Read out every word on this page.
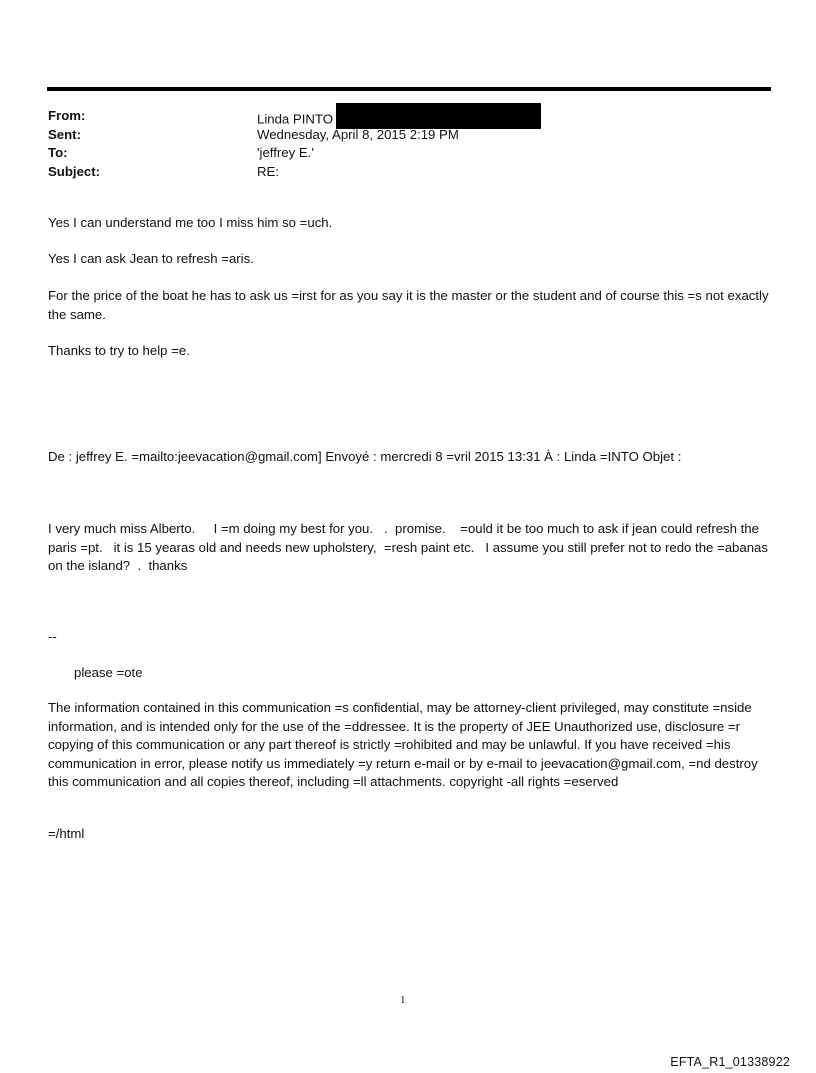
From:	Linda PINTO
Sent:	Wednesday, April 8, 2015 2:19 PM
To:	'jeffrey E.'
Subject:	RE:

Yes I can understand me too I miss him so =uch.

Yes I can ask Jean to refresh =aris.

For the price of the boat he has to ask us =irst for as you say it is the master or the student and of course this =s not exactly the same.

Thanks to try to help =e.

De : jeffrey E. =mailto:jeevacation@gmail.com] Envoyé : mercredi 8 =vril 2015 13:31 À : Linda =INTO Objet :

I very much miss Alberto.     I =m doing my best for you.   .  promise.    =ould it be too much to ask if jean could refresh the paris =pt.   it is 15 yearas old and needs new upholstery,  =resh paint etc.   I assume you still prefer not to redo the =abanas on the island?  .  thanks

--

please =ote

The information contained in this communication =s confidential, may be attorney-client privileged, may constitute =nside information, and is intended only for the use of the =ddressee. It is the property of JEE Unauthorized use, disclosure =r copying of this communication or any part thereof is strictly =rohibited and may be unlawful. If you have received =his communication in error, please notify us immediately =y return e-mail or by e-mail to jeevacation@gmail.com, =nd destroy this communication and all copies thereof, including =ll attachments. copyright -all rights =eserved

=/html

1
EFTA_R1_01338922
